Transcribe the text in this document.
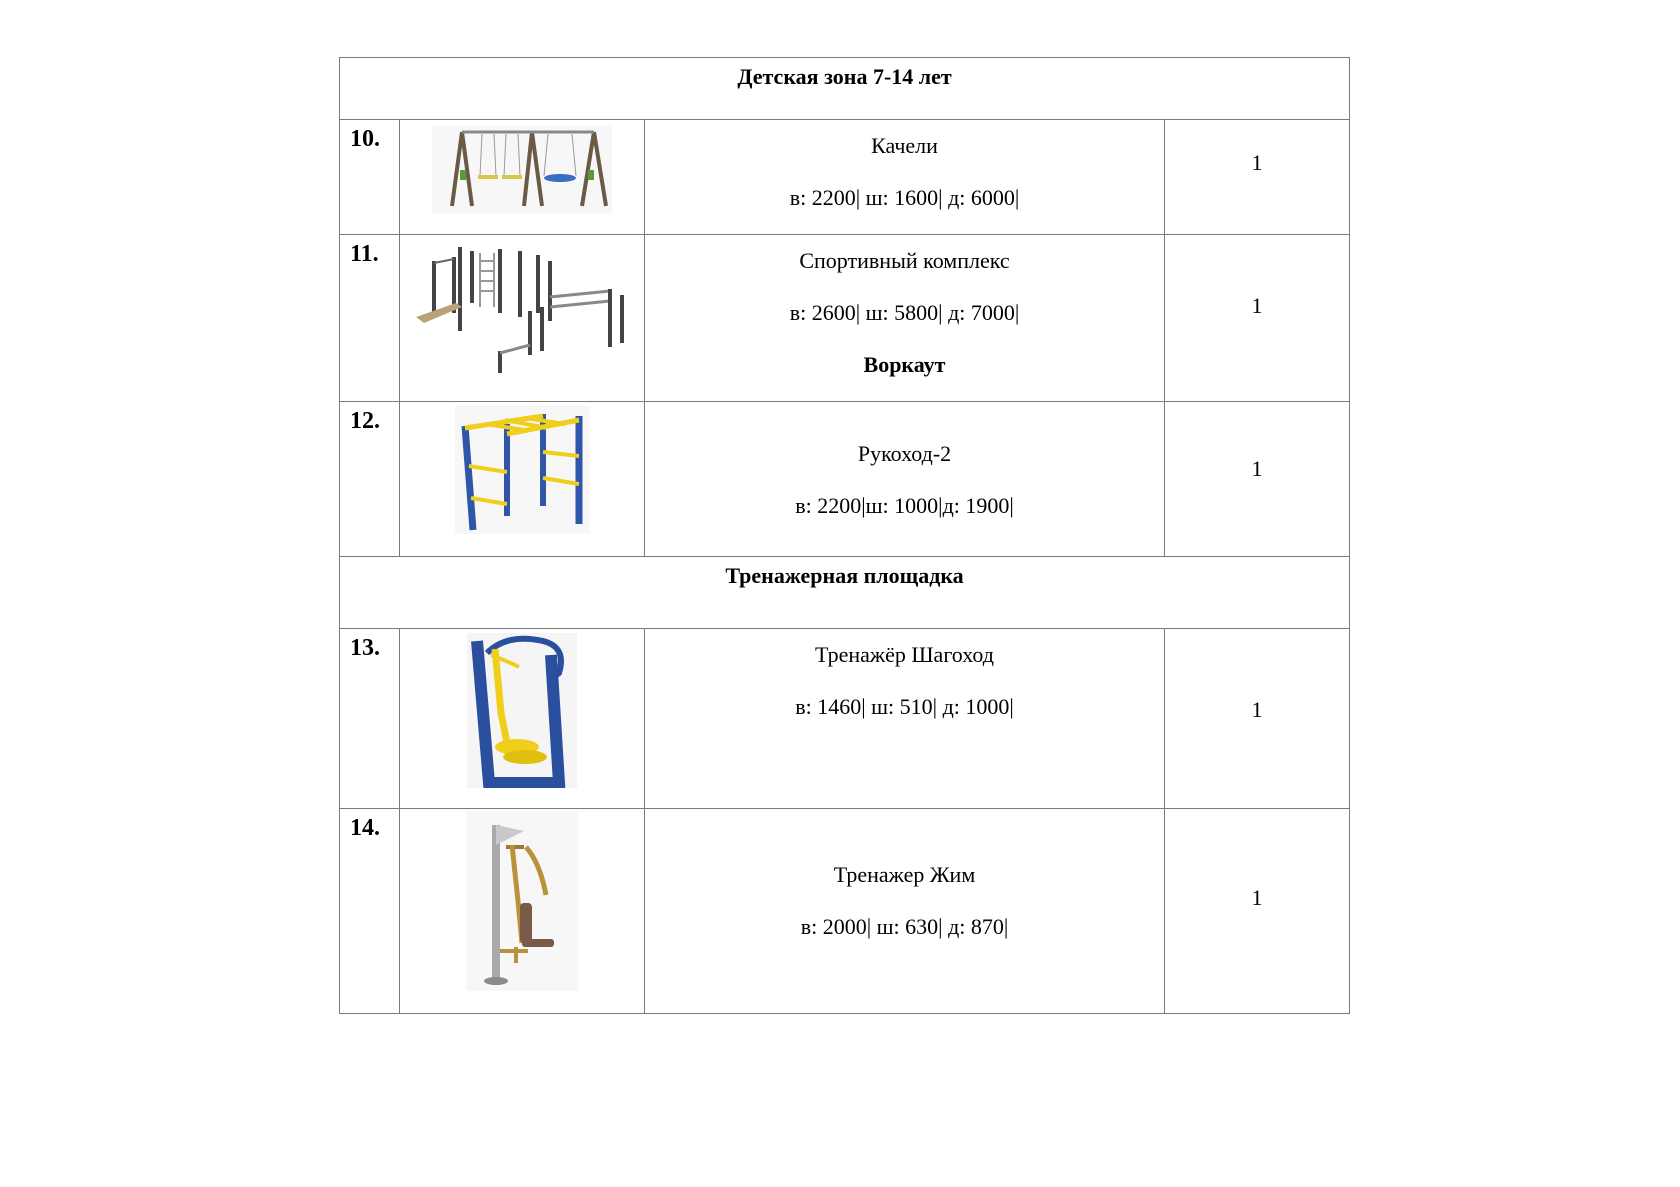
Детская зона 7-14 лет			
10.		Качели

в: 2200| ш: 1600| д: 6000|	1
11.		Спортивный комплекс

в: 2600| ш: 5800| д: 7000|

Воркаут	1
12.		Рукоход-2

в: 2200|ш: 1000|д: 1900|	1
Тренажерная площадка			
13.		Тренажёр Шагоход

в: 1460| ш: 510| д: 1000|	1
14.		Тренажер Жим

в: 2000| ш: 630| д: 870|	1
